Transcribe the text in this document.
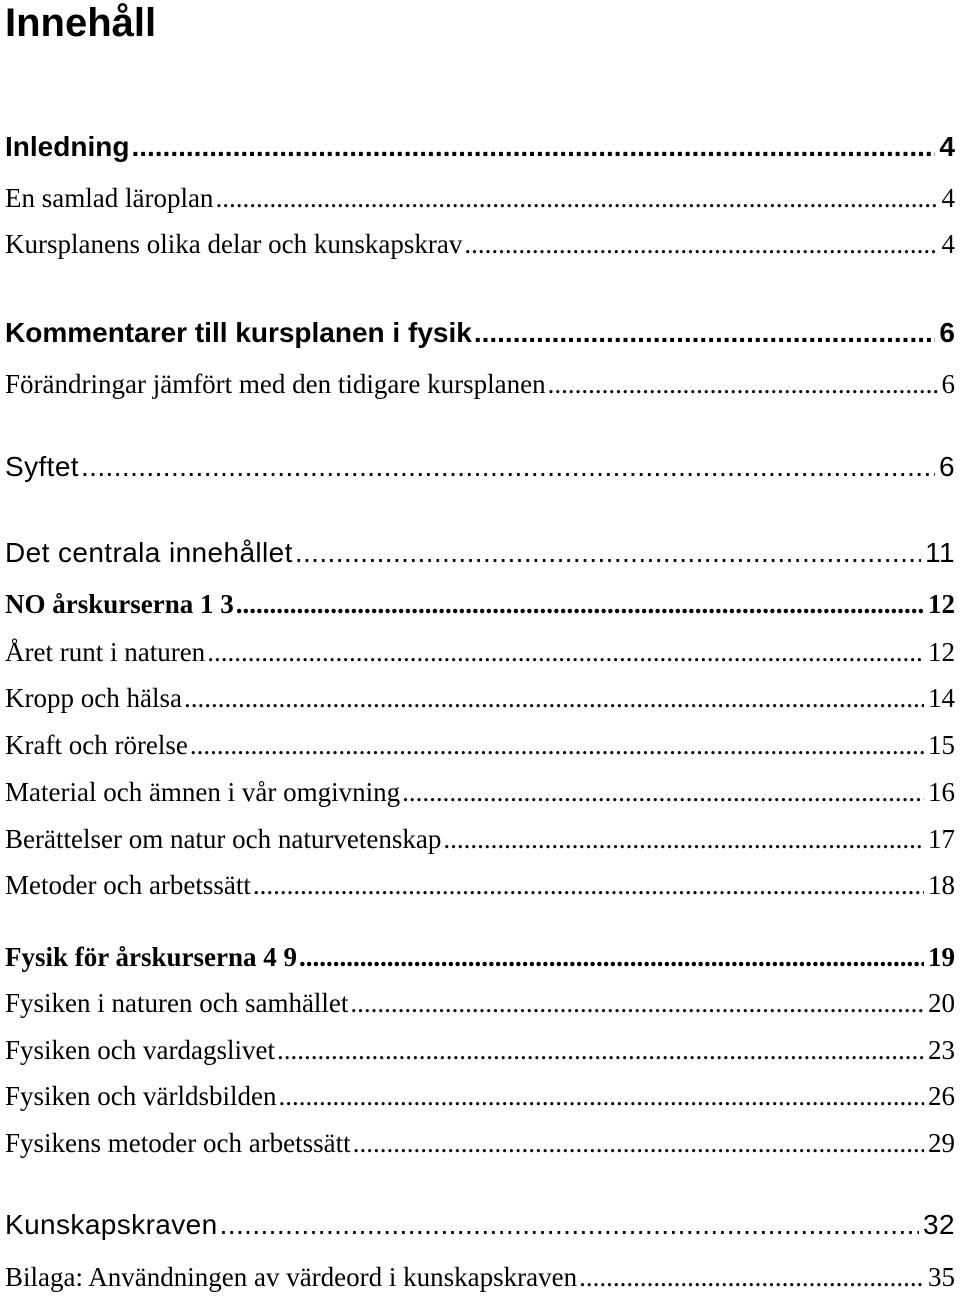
Innehåll
Inledning .....	4
En samlad läroplan .....	4
Kursplanens olika delar och kunskapskrav .....	4
Kommentarer till kursplanen i fysik .....	6
Förändringar jämfört med den tidigare kursplanen .....	6
Syftet .....	6
Det centrala innehållet .....	11
NO årskurserna 1 3 .....	12
Året runt i naturen .....	12
Kropp och hälsa .....	14
Kraft och rörelse .....	15
Material och ämnen i vår omgivning .....	16
Berättelser om natur och naturvetenskap .....	17
Metoder och arbetssätt .....	18
Fysik för årskurserna 4 9 .....	19
Fysiken i naturen och samhället .....	20
Fysiken och vardagslivet .....	23
Fysiken och världsbilden .....	26
Fysikens metoder och arbetssätt .....	29
Kunskapskraven .....	32
Bilaga: Användningen av värdeord i kunskapskraven .....	35
